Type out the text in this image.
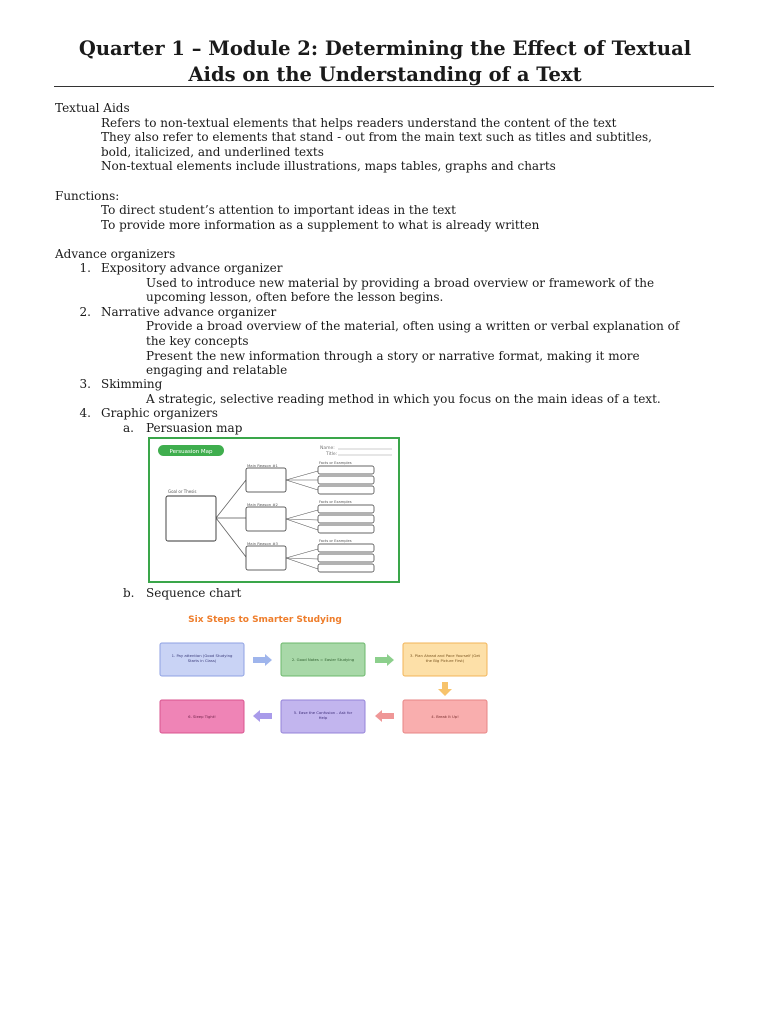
Quarter 1 – Module 2: Determining the Effect of Textual
Aids on the Understanding of a Text
Textual Aids
Refers to non-textual elements that helps readers understand the content of the text
They also refer to elements that stand - out from the main text such as titles and subtitles,
bold, italicized, and underlined texts
Non-textual elements include illustrations, maps tables, graphs and charts
Functions:
To direct student’s attention to important ideas in the text
To provide more information as a supplement to what is already written
Advance organizers
1. Expository advance organizer
Used to introduce new material by providing a broad overview or framework of the
upcoming lesson, often before the lesson begins.
2. Narrative advance organizer
Provide a broad overview of the material, often using a written or verbal explanation of
the key concepts
Present the new information through a story or narrative format, making it more
engaging and relatable
3. Skimming
A strategic, selective reading method in which you focus on the main ideas of a text.
4. Graphic organizers
a. Persuasion map
Persuasion Map
Name:
Title:
Goal or Thesis
Main Reason #1
Main Reason #2
Main Reason #3
Facts or Examples
Facts or Examples
Facts or Examples
b. Sequence chart
Six Steps to Smarter Studying
1. Pay attention (Good Studying Starts in Class)	2. Good Notes = Easier Studying
3. Plan Ahead and Pace Yourself (Get the Big Picture First)
4. Break It Up!
5. Ease the Confusion - Ask for Help
6. Sleep Tight!
